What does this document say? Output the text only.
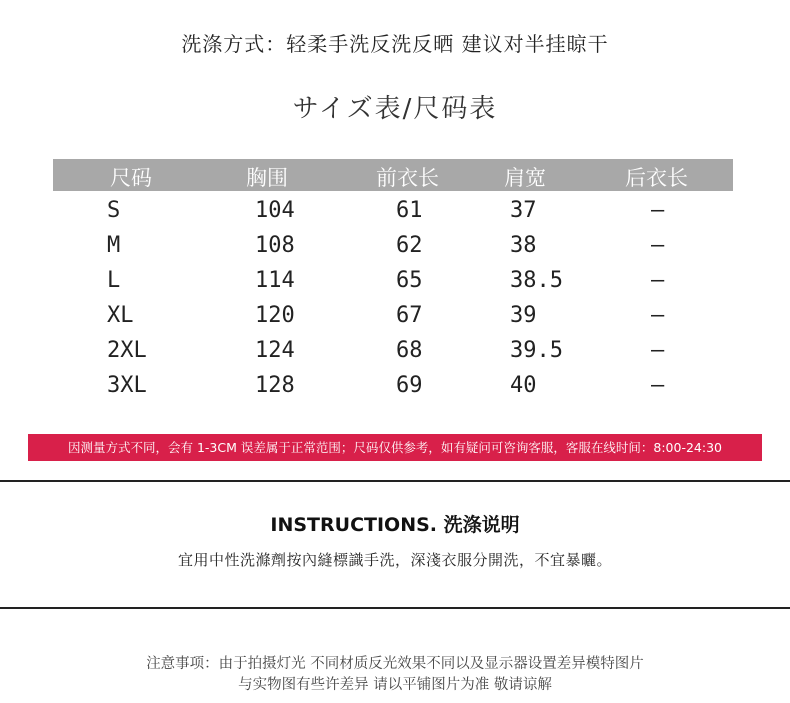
洗涤方式：轻柔手洗反洗反晒 建议对半挂晾干
サイズ表/尺码表
尺码	胸围	前衣长	肩宽	后衣长
S	104	61	37	–
M	108	62	38	–
L	114	65	38.5	–
XL	120	67	39	–
2XL	124	68	39.5	–
3XL	128	69	40	–
因测量方式不同，会有 1-3CM 误差属于正常范围；尺码仅供参考，如有疑问可咨询客服，客服在线时间：8:00-24:30
INSTRUCTIONS. 洗涤说明
宜用中性洗滌劑按內縫標識手洗，深淺衣服分開洗，不宜暴曬。
注意事项：由于拍摄灯光 不同材质反光效果不同以及显示器设置差异模特图片
与实物图有些许差异 请以平铺图片为准 敬请谅解
